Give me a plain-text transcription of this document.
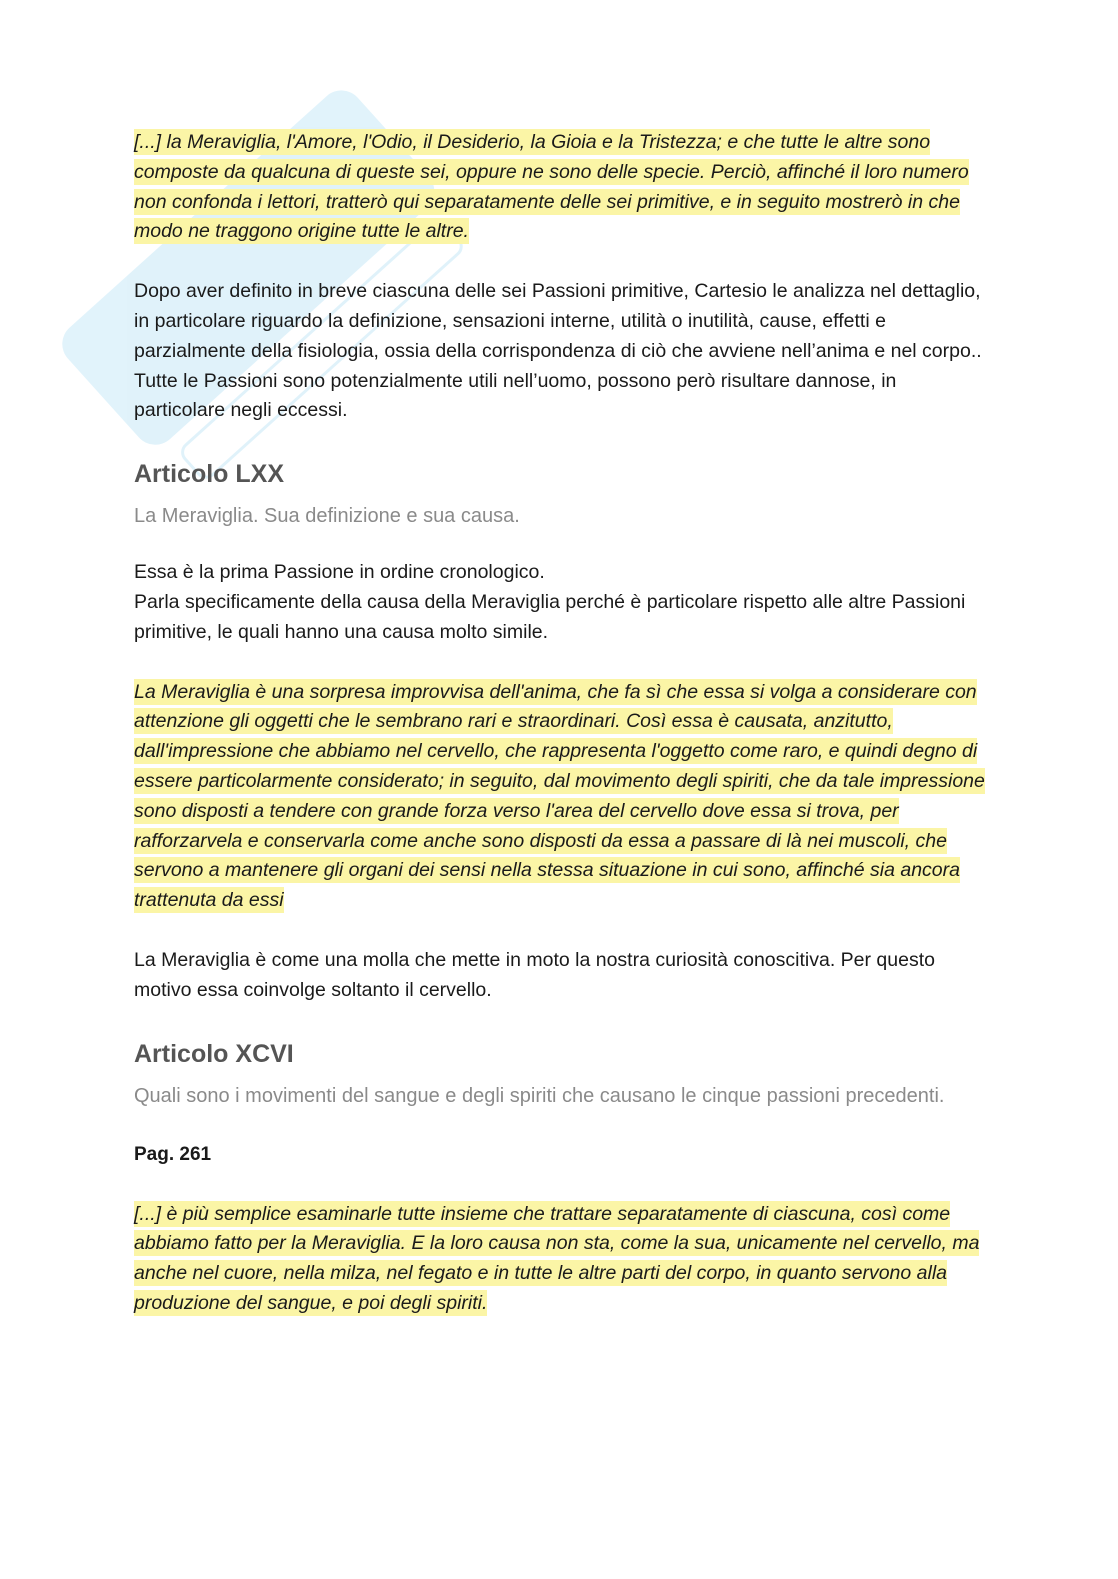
[...] la Meraviglia, l'Amore, l'Odio, il Desiderio, la Gioia e la Tristezza; e che tutte le altre sono composte da qualcuna di queste sei, oppure ne sono delle specie. Perciò, affinché il loro numero non confonda i lettori, tratterò qui separatamente delle sei primitive, e in seguito mostrerò in che modo ne traggono origine tutte le altre.

Dopo aver definito in breve ciascuna delle sei Passioni primitive, Cartesio le analizza nel dettaglio, in particolare riguardo la definizione, sensazioni interne, utilità o inutilità, cause, effetti e parzialmente della fisiologia, ossia della corrispondenza di ciò che avviene nell’anima e nel corpo..

Tutte le Passioni sono potenzialmente utili nell’uomo, possono però risultare dannose, in particolare negli eccessi.

Articolo LXX

La Meraviglia. Sua definizione e sua causa.

Essa è la prima Passione in ordine cronologico.

Parla specificamente della causa della Meraviglia perché è particolare rispetto alle altre Passioni primitive, le quali hanno una causa molto simile.

La Meraviglia è una sorpresa improvvisa dell'anima, che fa sì che essa si volga a considerare con attenzione gli oggetti che le sembrano rari e straordinari. Così essa è causata, anzitutto, dall'impressione che abbiamo nel cervello, che rappresenta l'oggetto come raro, e quindi degno di essere particolarmente considerato; in seguito, dal movimento degli spiriti, che da tale impressione sono disposti a tendere con grande forza verso l'area del cervello dove essa si trova, per rafforzarvela e conservarla come anche sono disposti da essa a passare di là nei muscoli, che servono a mantenere gli organi dei sensi nella stessa situazione in cui sono, affinché sia ancora trattenuta da essi

La Meraviglia è come una molla che mette in moto la nostra curiosità conoscitiva. Per questo motivo essa coinvolge soltanto il cervello.

Articolo XCVI

Quali sono i movimenti del sangue e degli spiriti che causano le cinque passioni precedenti.

Pag. 261

[...] è più semplice esaminarle tutte insieme che trattare separatamente di ciascuna, così come abbiamo fatto per la Meraviglia. E la loro causa non sta, come la sua, unicamente nel cervello, ma anche nel cuore, nella milza, nel fegato e in tutte le altre parti del corpo, in quanto servono alla produzione del sangue, e poi degli spiriti.
